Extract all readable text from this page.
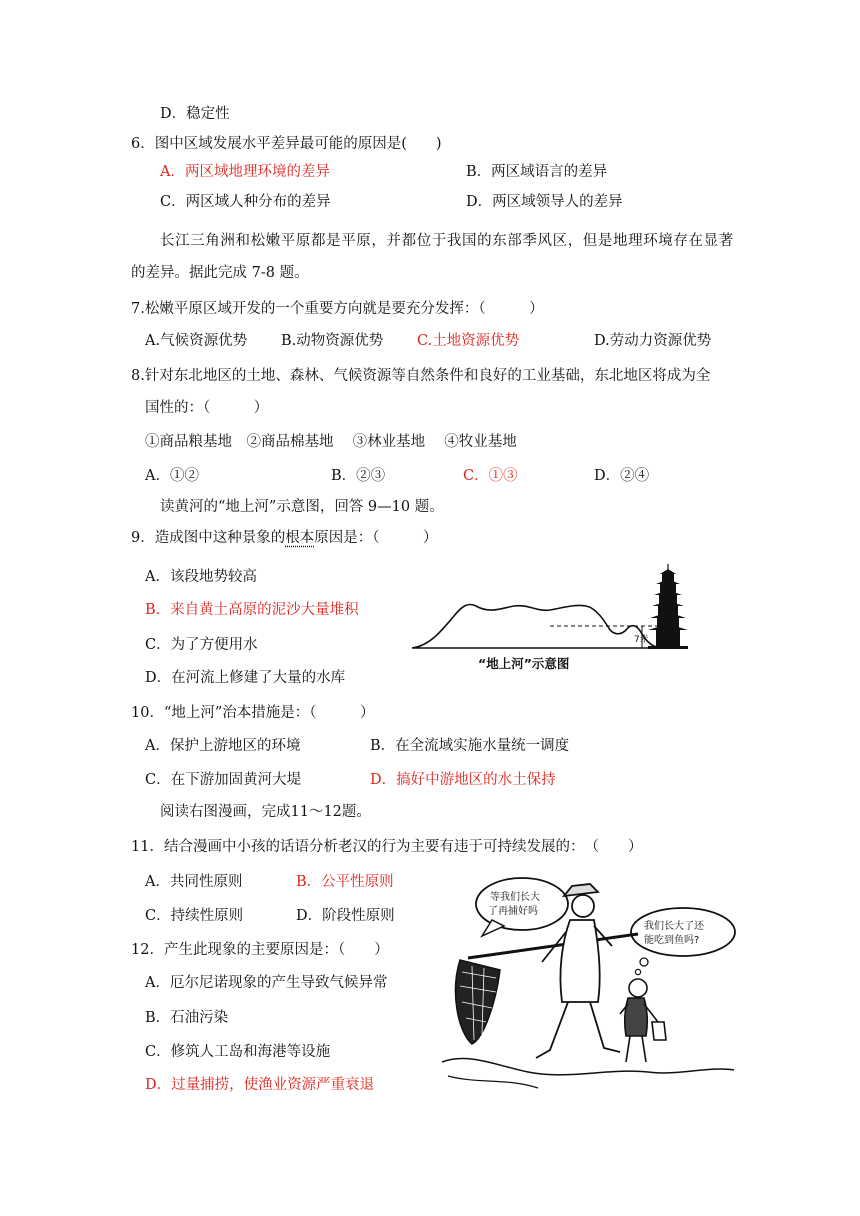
D．稳定性
6．图中区域发展水平差异最可能的原因是(　　)
A．两区域地理环境的差异	B．两区域语言的差异
C．两区域人种分布的差异	D．两区域领导人的差异
长江三角洲和松嫩平原都是平原，并都位于我国的东部季风区，但是地理环境存在显著
的差异。据此完成 7-8 题。
7.松嫩平原区域开发的一个重要方向就是要充分发挥：（　　　）
A.气候资源优势 B.动物资源优势 C.土地资源优势	D.劳动力资源优势
8.针对东北地区的土地、森林、气候资源等自然条件和良好的工业基础，东北地区将成为全
国性的：（　　　）
①商品粮基地　②商品棉基地　 ③林业基地　 ④牧业基地
A．①②	B．②③	C．①③	D．②④
读黄河的“地上河”示意图，回答 9—10 题。
9．造成图中这种景象的根本原因是：（　　　）
A．该段地势较高
B．来自黄土高原的泥沙大量堆积
C．为了方便用水
D．在河流上修建了大量的水库
7米
“地上河”示意图
10．“地上河”治本措施是：（　　　）
A．保护上游地区的环境	B．在全流域实施水量统一调度
C．在下游加固黄河大堤	D．搞好中游地区的水土保持
阅读右图漫画，完成11～12题。
11．结合漫画中小孩的话语分析老汉的行为主要有违于可持续发展的：　（　　）
A．共同性原则	B．公平性原则
C．持续性原则	D．阶段性原则
等我们长大
了再捕好吗
我们长大了还
能吃到鱼吗?
12．产生此现象的主要原因是：（　　）
A．厄尔尼诺现象的产生导致气候异常
B．石油污染
C．修筑人工岛和海港等设施
D．过量捕捞，使渔业资源严重衰退
